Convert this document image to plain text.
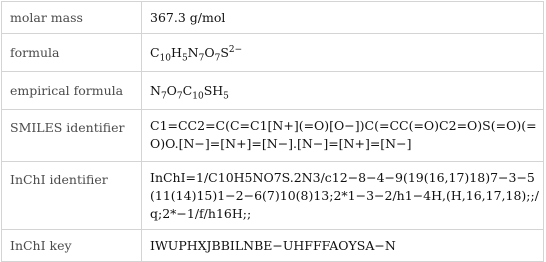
molar mass	367.3 g/mol
formula	$C_{10}H_5N_7O_7S^{2-}$
empirical formula	$N_7O_7C_{10}SH_5$
SMILES identifier	C1=CC2=C(C=C1[N+](=O)[O−])C(=CC(=O)C2=O)S(=O)(=O)O.[N−]=[N+]=[N−].[N−]=[N+]=[N−]
InChI identifier	InChI=1/C10H5NO7S.2N3/c12−8−4−9(19(16,17)18)7−3−5(11(14)15)1−2−6(7)10(8)13;2*1−3−2/h1−4H,(H,16,17,18);;/q;2*−1/f/h16H;;
InChI key	IWUPHXJBBILNBE−UHFFFAOYSA−N
